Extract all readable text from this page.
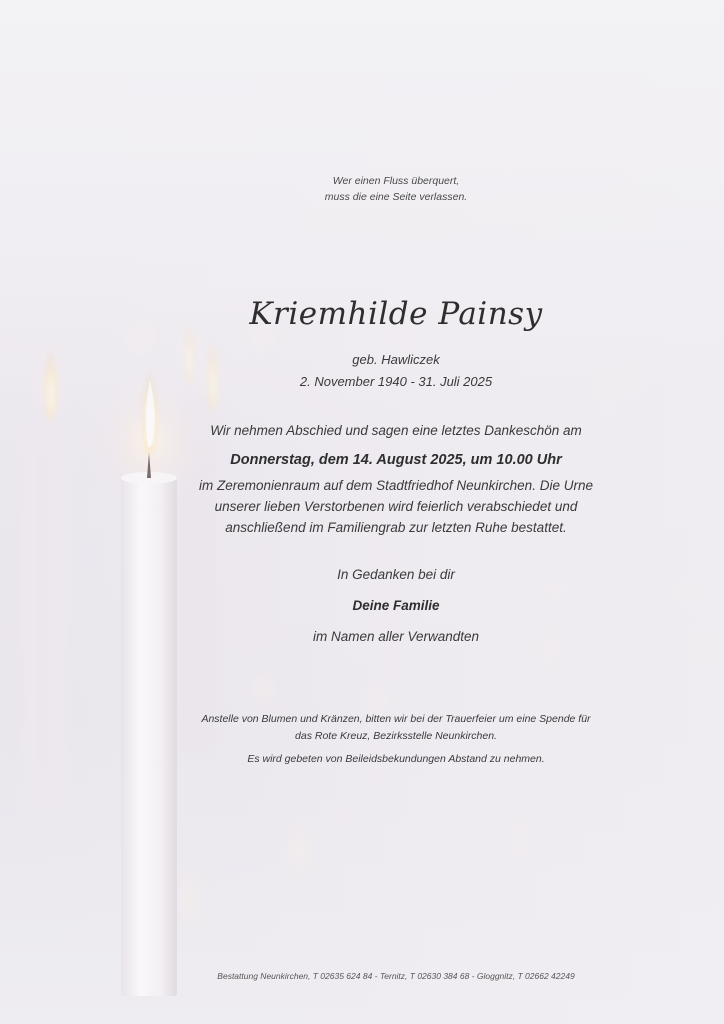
Wer einen Fluss überquert,
muss die eine Seite verlassen.
Kriemhilde Painsy
geb. Hawliczek
2. November 1940 - 31. Juli 2025
Wir nehmen Abschied und sagen eine letztes Dankeschön am
Donnerstag, dem 14. August 2025, um 10.00 Uhr
im Zeremonienraum auf dem Stadtfriedhof Neunkirchen. Die Urne
unserer lieben Verstorbenen wird feierlich verabschiedet und
anschließend im Familiengrab zur letzten Ruhe bestattet.
In Gedanken bei dir
Deine Familie
im Namen aller Verwandten
Anstelle von Blumen und Kränzen, bitten wir bei der Trauerfeier um eine Spende für
das Rote Kreuz, Bezirksstelle Neunkirchen.
Es wird gebeten von Beileidsbekundungen Abstand zu nehmen.
Bestattung Neunkirchen, T 02635 624 84 - Ternitz, T 02630 384 68 - Gloggnitz, T 02662 42249
